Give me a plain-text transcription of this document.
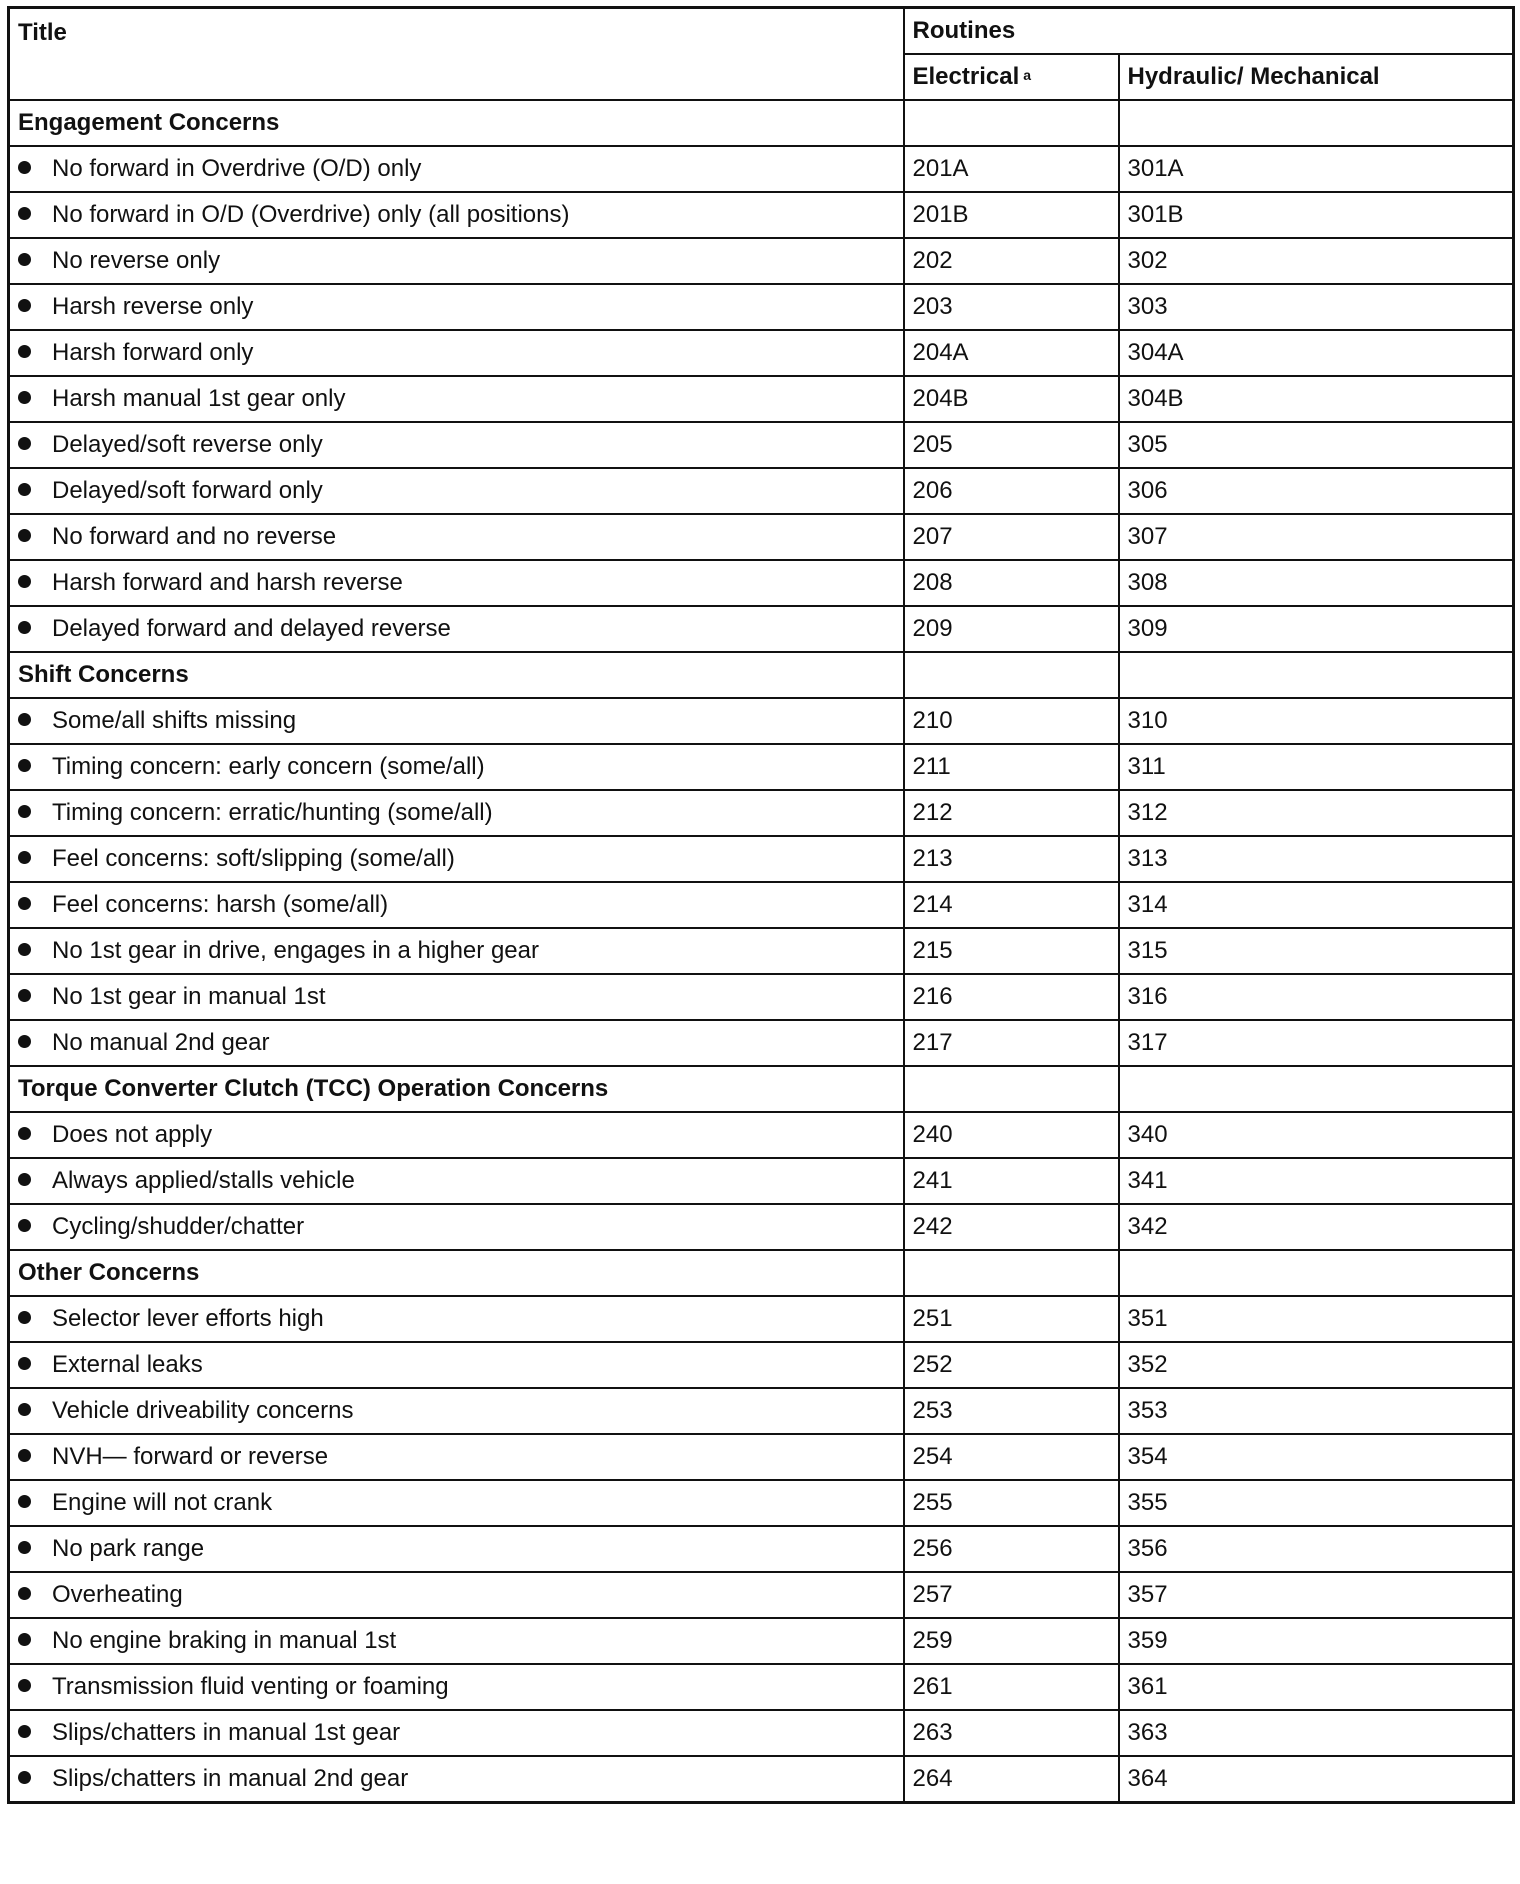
Title	Routines	
	Electrical $^a$	Hydraulic/ Mechanical
Engagement Concerns		
No forward in Overdrive (O/D) only	201A	301A
No forward in O/D (Overdrive) only (all positions)	201B	301B
No reverse only	202	302
Harsh reverse only	203	303
Harsh forward only	204A	304A
Harsh manual 1st gear only	204B	304B
Delayed/soft reverse only	205	305
Delayed/soft forward only	206	306
No forward and no reverse	207	307
Harsh forward and harsh reverse	208	308
Delayed forward and delayed reverse	209	309
Shift Concerns		
Some/all shifts missing	210	310
Timing concern: early concern (some/all)	211	311
Timing concern: erratic/hunting (some/all)	212	312
Feel concerns: soft/slipping (some/all)	213	313
Feel concerns: harsh (some/all)	214	314
No 1st gear in drive, engages in a higher gear	215	315
No 1st gear in manual 1st	216	316
No manual 2nd gear	217	317
Torque Converter Clutch (TCC) Operation Concerns		
Does not apply	240	340
Always applied/stalls vehicle	241	341
Cycling/shudder/chatter	242	342
Other Concerns		
Selector lever efforts high	251	351
External leaks	252	352
Vehicle driveability concerns	253	353
NVH— forward or reverse	254	354
Engine will not crank	255	355
No park range	256	356
Overheating	257	357
No engine braking in manual 1st	259	359
Transmission fluid venting or foaming	261	361
Slips/chatters in manual 1st gear	263	363
Slips/chatters in manual 2nd gear	264	364
